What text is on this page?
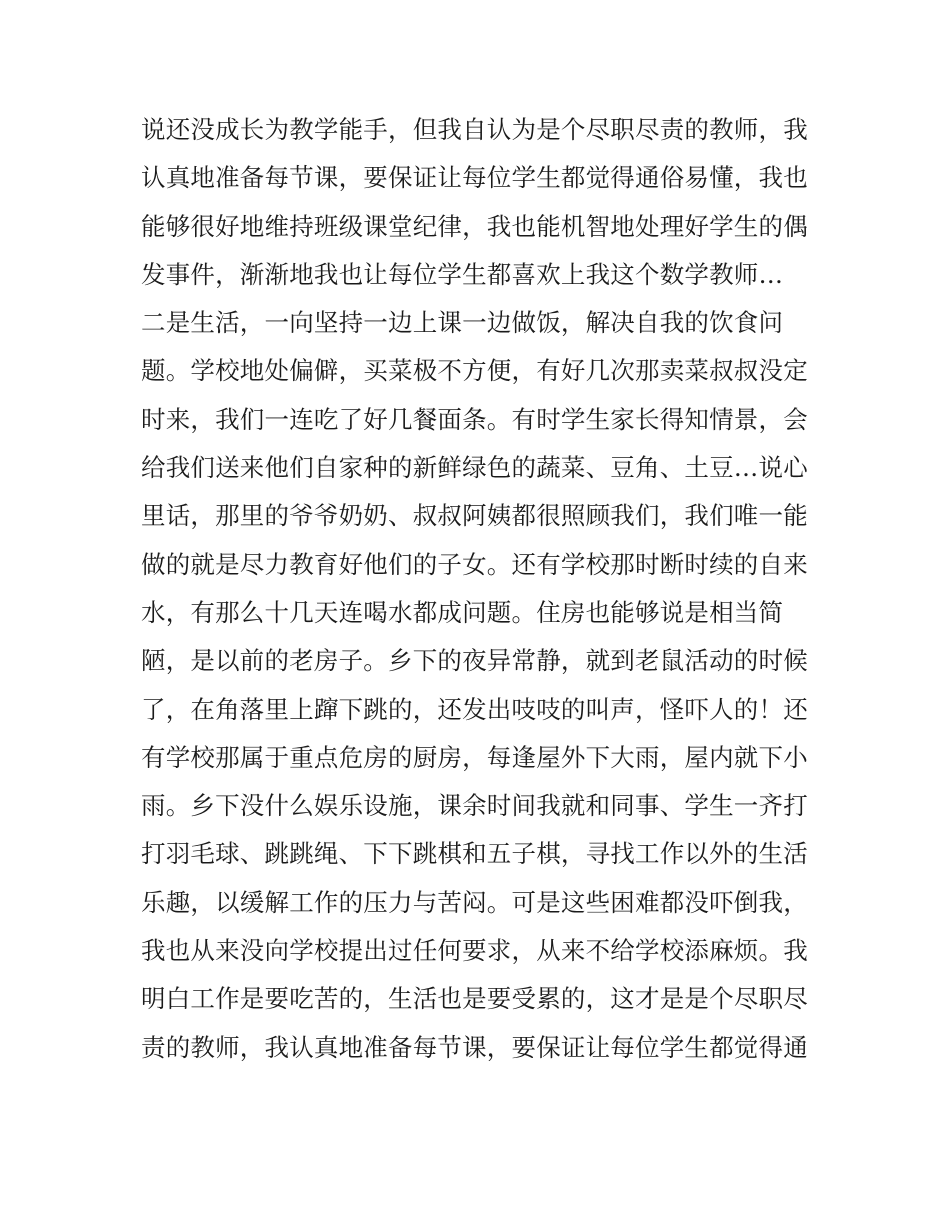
说还没成长为教学能手，但我自认为是个尽职尽责的教师，我
认真地准备每节课，要保证让每位学生都觉得通俗易懂，我也
能够很好地维持班级课堂纪律，我也能机智地处理好学生的偶
发事件，渐渐地我也让每位学生都喜欢上我这个数学教师…
二是生活，一向坚持一边上课一边做饭，解决自我的饮食问
题。学校地处偏僻，买菜极不方便，有好几次那卖菜叔叔没定
时来，我们一连吃了好几餐面条。有时学生家长得知情景，会
给我们送来他们自家种的新鲜绿色的蔬菜、豆角、土豆…说心
里话，那里的爷爷奶奶、叔叔阿姨都很照顾我们，我们唯一能
做的就是尽力教育好他们的子女。还有学校那时断时续的自来
水，有那么十几天连喝水都成问题。住房也能够说是相当简
陋，是以前的老房子。乡下的夜异常静，就到老鼠活动的时候
了，在角落里上蹿下跳的，还发出吱吱的叫声，怪吓人的！还
有学校那属于重点危房的厨房，每逢屋外下大雨，屋内就下小
雨。乡下没什么娱乐设施，课余时间我就和同事、学生一齐打
打羽毛球、跳跳绳、下下跳棋和五子棋，寻找工作以外的生活
乐趣，以缓解工作的压力与苦闷。可是这些困难都没吓倒我，
我也从来没向学校提出过任何要求，从来不给学校添麻烦。我
明白工作是要吃苦的，生活也是要受累的，这才是是个尽职尽
责的教师，我认真地准备每节课，要保证让每位学生都觉得通
